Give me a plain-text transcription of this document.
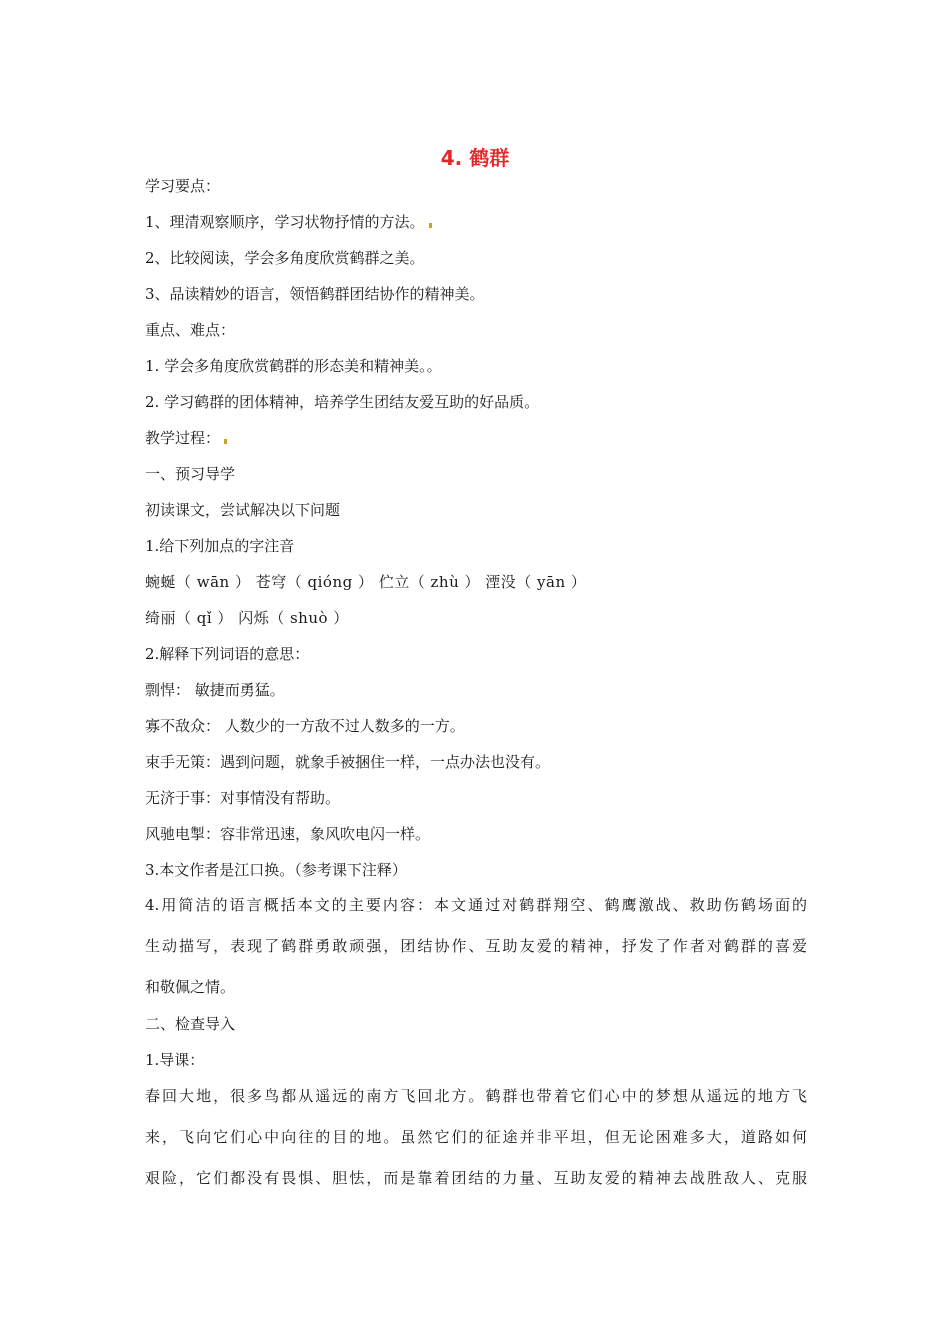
4. 鹤群

学习要点：

1、理清观察顺序，学习状物抒情的方法。

2、比较阅读，学会多角度欣赏鹤群之美。

3、品读精妙的语言，领悟鹤群团结协作的精神美。

重点、难点：

1. 学会多角度欣赏鹤群的形态美和精神美。。

2. 学习鹤群的团体精神，培养学生团结友爱互助的好品质。

教学过程：

一、预习导学

初读课文，尝试解决以下问题

1.给下列加点的字注音

蜿蜒（ wān ） 苍穹（ qióng ） 伫立（ zhù ） 湮没（ yān ）

绮丽（ qǐ ） 闪烁（ shuò ）

2.解释下列词语的意思：

剽悍： 敏捷而勇猛。

寡不敌众： 人数少的一方敌不过人数多的一方。

束手无策：遇到问题，就象手被捆住一样，一点办法也没有。

无济于事：对事情没有帮助。

风驰电掣：容非常迅速，象风吹电闪一样。

3.本文作者是江口换。（参考课下注释）

4.用简洁的语言概括本文的主要内容：本文通过对鹤群翔空、鹤鹰激战、救助伤鹤场面的

生动描写，表现了鹤群勇敢顽强，团结协作、互助友爱的精神，抒发了作者对鹤群的喜爱

和敬佩之情。

二、检查导入

1.导课：

春回大地，很多鸟都从遥远的南方飞回北方。鹤群也带着它们心中的梦想从遥远的地方飞

来，飞向它们心中向往的目的地。虽然它们的征途并非平坦，但无论困难多大，道路如何

艰险，它们都没有畏惧、胆怯，而是靠着团结的力量、互助友爱的精神去战胜敌人、克服
